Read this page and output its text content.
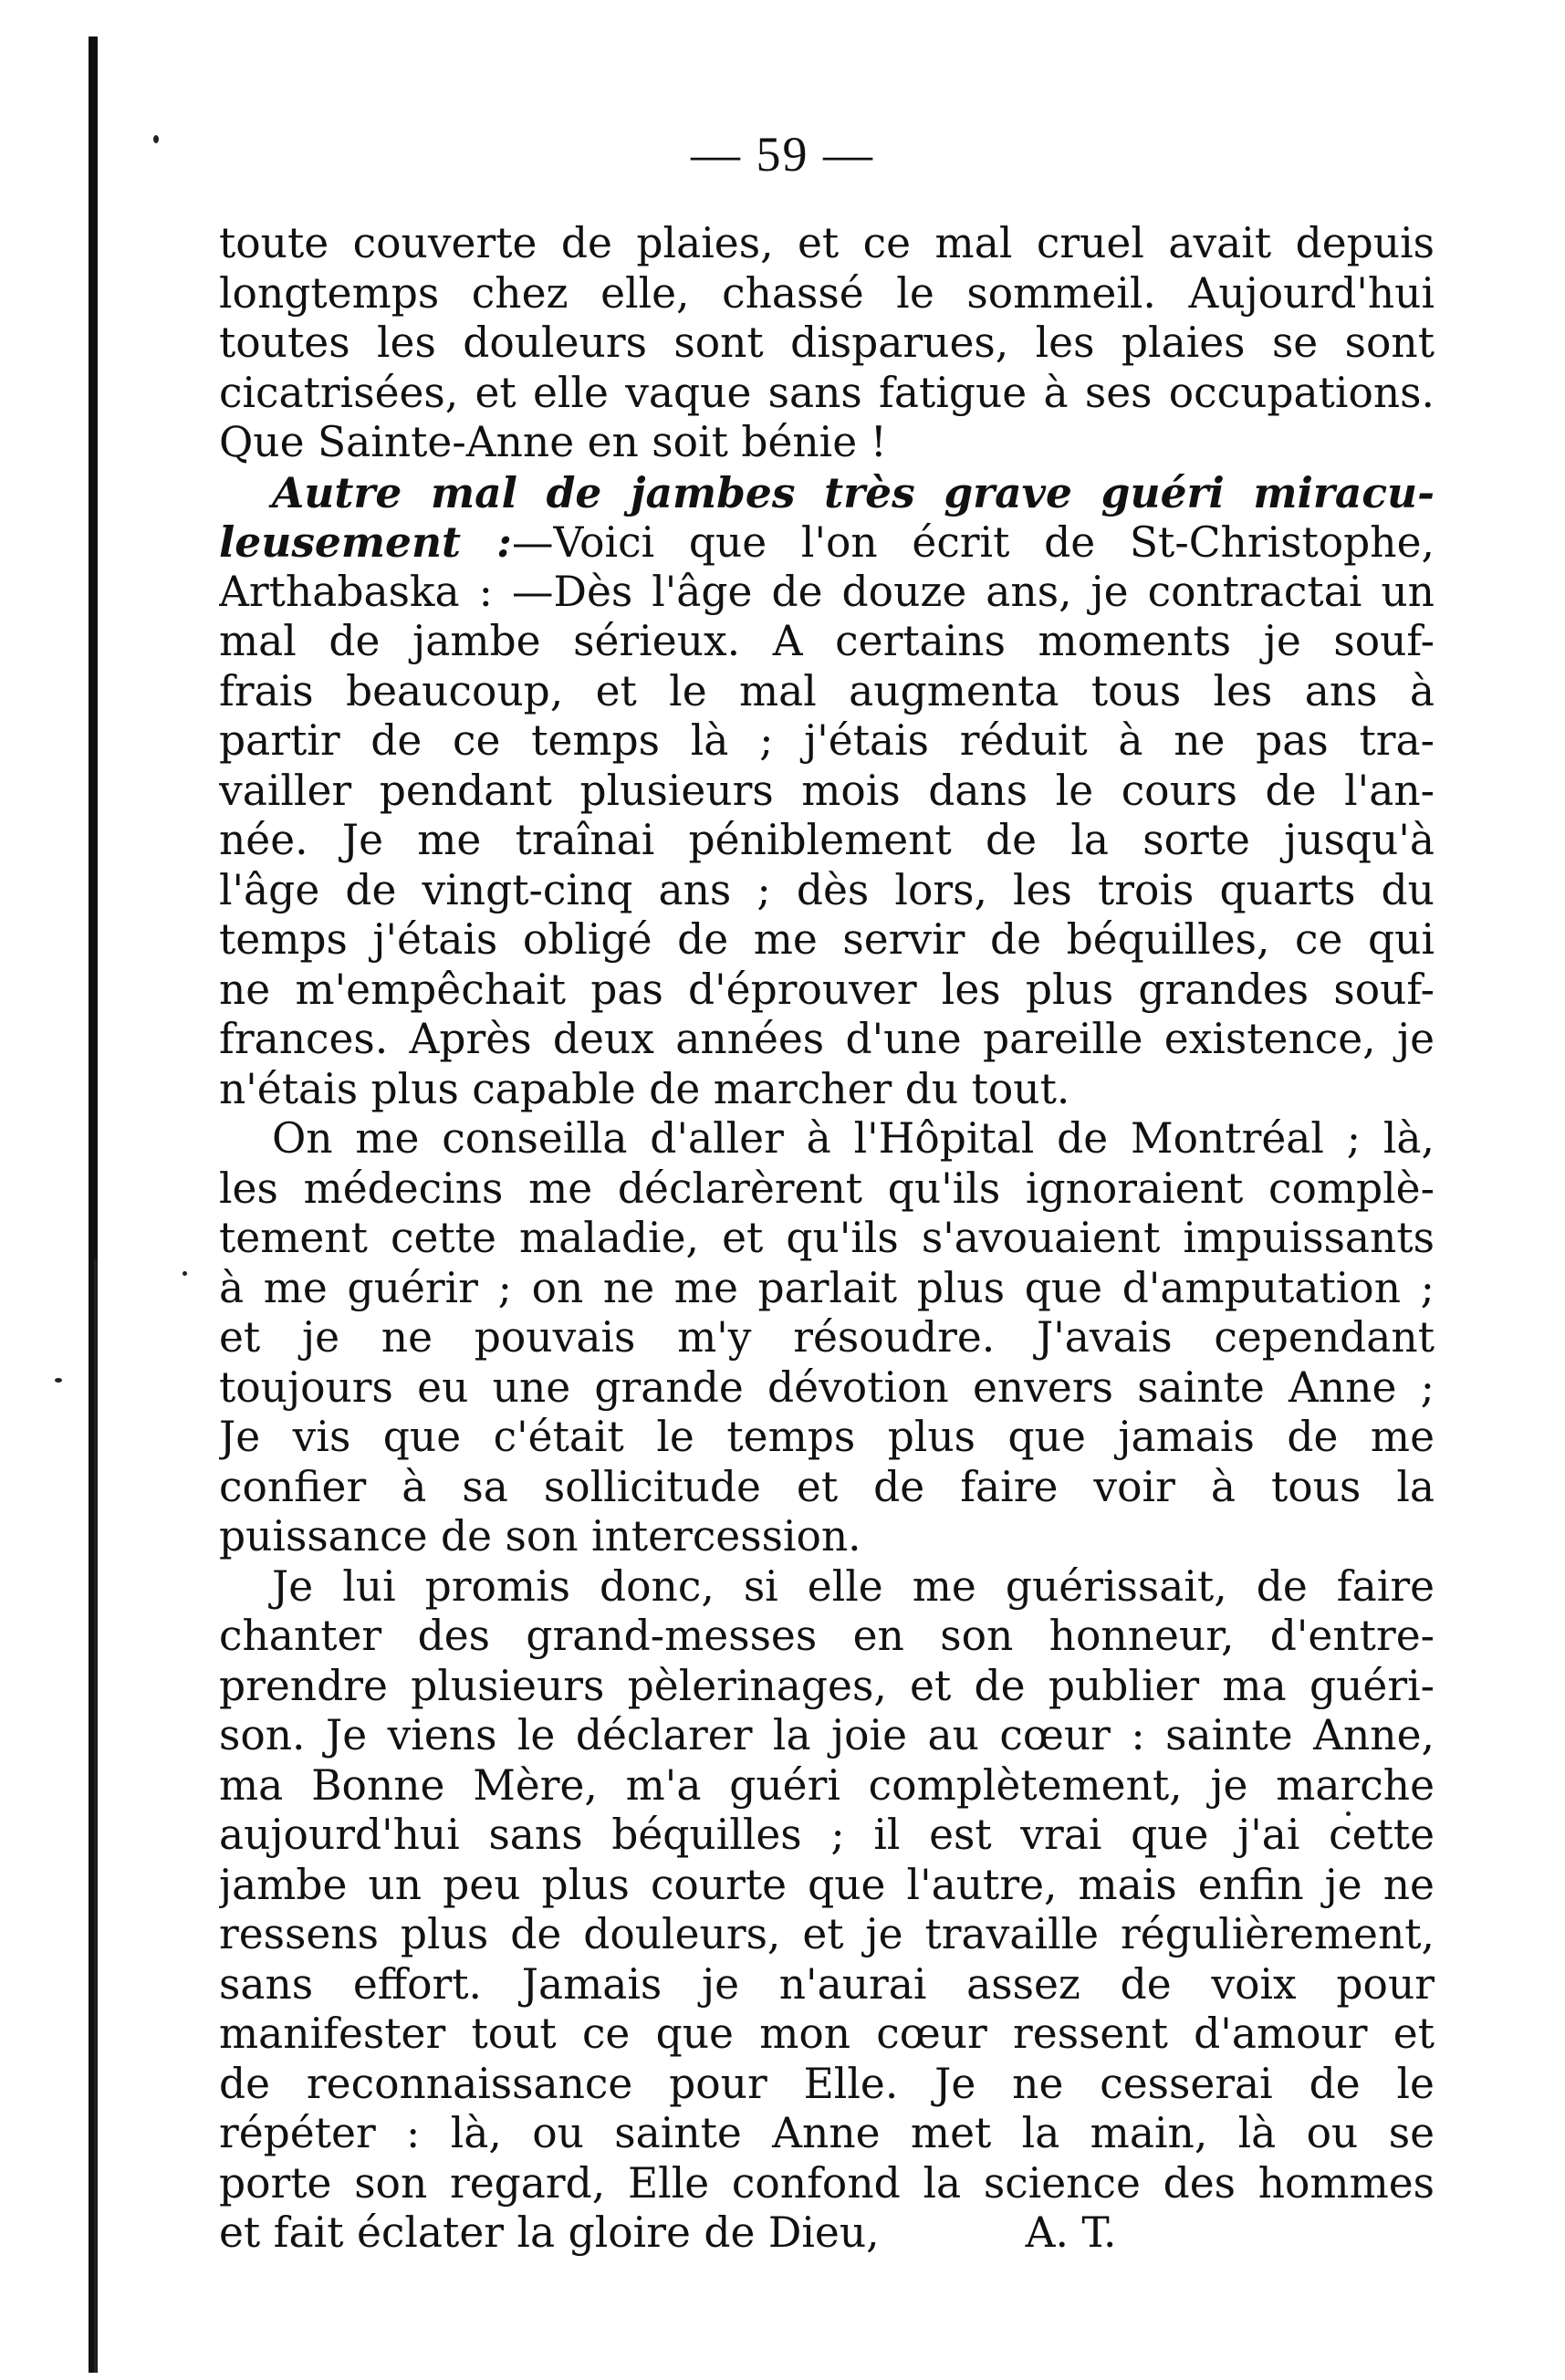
— 59 —
toute couverte de plaies, et ce mal cruel avait depuis
longtemps chez elle, chassé le sommeil. Aujourd'hui
toutes les douleurs sont disparues, les plaies se sont
cicatrisées, et elle vaque sans fatigue à ses occupations.
Que Sainte-Anne en soit bénie !
Autre mal de jambes très grave guéri miracu-
leusement :—Voici que l'on écrit de St-Christophe,
Arthabaska : —Dès l'âge de douze ans, je contractai un
mal de jambe sérieux. A certains moments je souf-
frais beaucoup, et le mal augmenta tous les ans à
partir de ce temps là ; j'étais réduit à ne pas tra-
vailler pendant plusieurs mois dans le cours de l'an-
née. Je me traînai péniblement de la sorte jusqu'à
l'âge de vingt-cinq ans ; dès lors, les trois quarts du
temps j'étais obligé de me servir de béquilles, ce qui
ne m'empêchait pas d'éprouver les plus grandes souf-
frances. Après deux années d'une pareille existence, je
n'étais plus capable de marcher du tout.
On me conseilla d'aller à l'Hôpital de Montréal ; là,
les médecins me déclarèrent qu'ils ignoraient complè-
tement cette maladie, et qu'ils s'avouaient impuissants
à me guérir ; on ne me parlait plus que d'amputation ;
et je ne pouvais m'y résoudre. J'avais cependant
toujours eu une grande dévotion envers sainte Anne ;
Je vis que c'était le temps plus que jamais de me
confier à sa sollicitude et de faire voir à tous la
puissance de son intercession.
Je lui promis donc, si elle me guérissait, de faire
chanter des grand-messes en son honneur, d'entre-
prendre plusieurs pèlerinages, et de publier ma guéri-
son. Je viens le déclarer la joie au cœur : sainte Anne,
ma Bonne Mère, m'a guéri complètement, je marche
aujourd'hui sans béquilles ; il est vrai que j'ai cette
jambe un peu plus courte que l'autre, mais enfin je ne
ressens plus de douleurs, et je travaille régulièrement,
sans effort. Jamais je n'aurai assez de voix pour
manifester tout ce que mon cœur ressent d'amour et
de reconnaissance pour Elle. Je ne cesserai de le
répéter : là, ou sainte Anne met la main, là ou se
porte son regard, Elle confond la science des hommes
et fait éclater la gloire de Dieu,	A. T.
